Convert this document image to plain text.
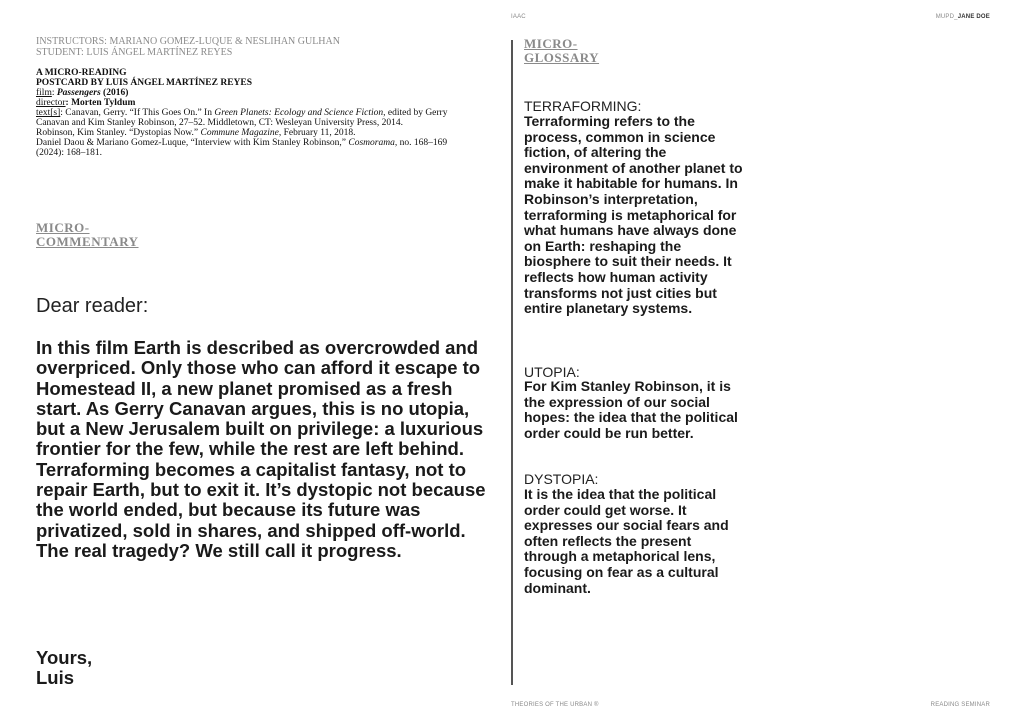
IAAC	MUPD_JANE DOE
THEORIES OF THE URBAN ®	READING SEMINAR
INSTRUCTORS: MARIANO GOMEZ-LUQUE & NESLIHAN GULHAN
STUDENT: LUIS ÁNGEL MARTÍNEZ REYES
A MICRO-READING
POSTCARD BY LUIS ÁNGEL MARTÍNEZ REYES
film: Passengers (2016)
director: Morten Tyldum
text[s]: Canavan, Gerry. “If This Goes On.” In Green Planets: Ecology and Science Fiction, edited by Gerry Canavan and Kim Stanley Robinson, 27–52. Middletown, CT: Wesleyan University Press, 2014.
Robinson, Kim Stanley. “Dystopias Now.” Commune Magazine, February 11, 2018.
Daniel Daou & Mariano Gomez-Luque, “Interview with Kim Stanley Robinson,” Cosmorama, no. 168–169 (2024): 168–181.
MICRO-
COMMENTARY
Dear reader:
In this film Earth is described as overcrowded and overpriced. Only those who can afford it escape to Homestead II, a new planet promised as a fresh start. As Gerry Canavan argues, this is no utopia, but a New Jerusalem built on privilege: a luxurious frontier for the few, while the rest are left behind. Terraforming becomes a capitalist fantasy, not to repair Earth, but to exit it. It’s dystopic not because the world ended, but because its future was privatized, sold in shares, and shipped off-world. The real tragedy? We still call it progress.
Yours,
Luis
MICRO-
GLOSSARY
TERRAFORMING:
Terraforming refers to the process, common in science fiction, of altering the environment of another planet to make it habitable for humans. In Robinson’s interpretation, terraforming is metaphorical for what humans have always done on Earth: reshaping the biosphere to suit their needs. It reflects how human activity transforms not just cities but entire planetary systems.
UTOPIA:
For Kim Stanley Robinson, it is the expression of our social hopes: the idea that the political order could be run better.
DYSTOPIA:
It is the idea that the political order could get worse. It expresses our social fears and often reflects the present through a metaphorical lens, focusing on fear as a cultural dominant.
